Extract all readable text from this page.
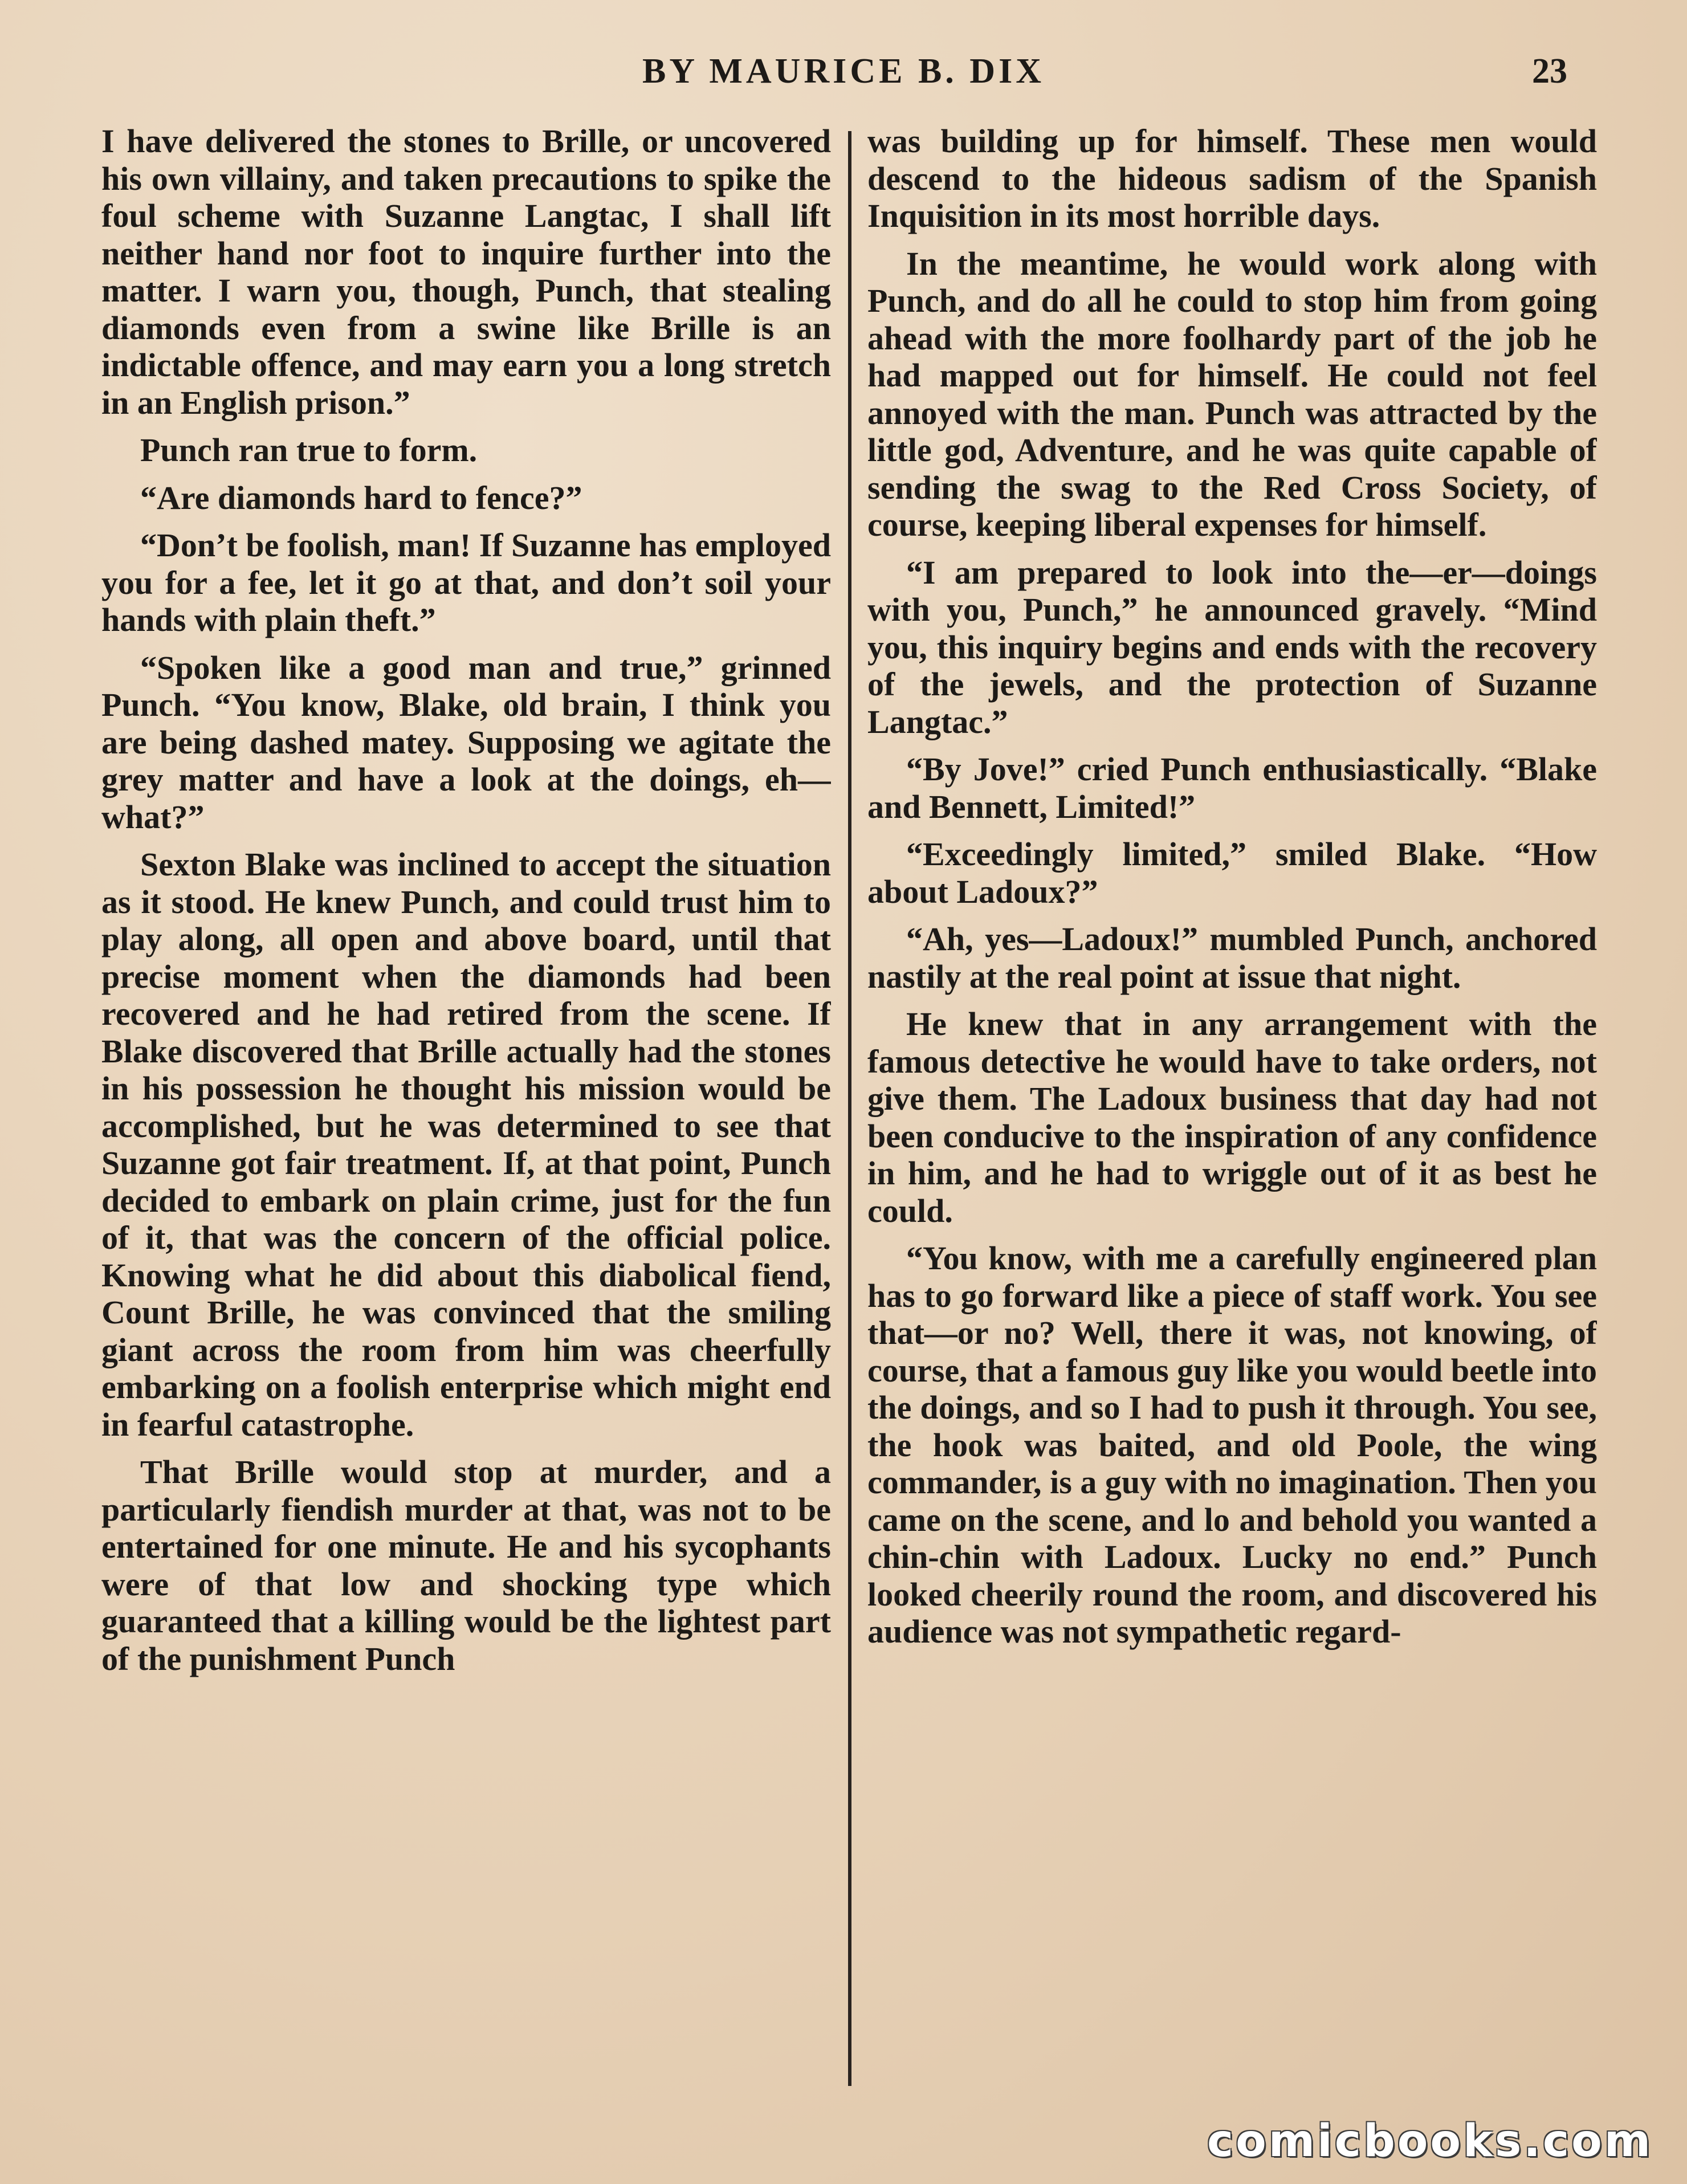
BY MAURICE B. DIX	23

I have delivered the stones to Brille, or uncovered his own villainy, and taken precautions to spike the foul scheme with Suzanne Langtac, I shall lift neither hand nor foot to inquire further into the matter. I warn you, though, Punch, that stealing diamonds even from a swine like Brille is an indictable offence, and may earn you a long stretch in an English prison.”

Punch ran true to form.

“Are diamonds hard to fence?”

“Don’t be foolish, man! If Suzanne has employed you for a fee, let it go at that, and don’t soil your hands with plain theft.”

“Spoken like a good man and true,” grinned Punch. “You know, Blake, old brain, I think you are being dashed matey. Supposing we agitate the grey matter and have a look at the doings, eh—what?”

Sexton Blake was inclined to accept the situation as it stood. He knew Punch, and could trust him to play along, all open and above board, until that precise moment when the diamonds had been recovered and he had retired from the scene. If Blake discovered that Brille actually had the stones in his possession he thought his mission would be accomplished, but he was determined to see that Suzanne got fair treatment. If, at that point, Punch decided to embark on plain crime, just for the fun of it, that was the concern of the official police. Knowing what he did about this diabolical fiend, Count Brille, he was convinced that the smiling giant across the room from him was cheerfully embarking on a foolish enterprise which might end in fearful catastrophe.

That Brille would stop at murder, and a particularly fiendish murder at that, was not to be entertained for one minute. He and his sycophants were of that low and shocking type which guaranteed that a killing would be the lightest part of the punishment Punch

was building up for himself. These men would descend to the hideous sadism of the Spanish Inquisition in its most horrible days.

In the meantime, he would work along with Punch, and do all he could to stop him from going ahead with the more foolhardy part of the job he had mapped out for himself. He could not feel annoyed with the man. Punch was attracted by the little god, Adventure, and he was quite capable of sending the swag to the Red Cross Society, of course, keeping liberal expenses for himself.

“I am prepared to look into the—er—doings with you, Punch,” he announced gravely. “Mind you, this inquiry begins and ends with the recovery of the jewels, and the protection of Suzanne Langtac.”

“By Jove!” cried Punch enthusiastically. “Blake and Bennett, Limited!”

“Exceedingly limited,” smiled Blake. “How about Ladoux?”

“Ah, yes—Ladoux!” mumbled Punch, anchored nastily at the real point at issue that night.

He knew that in any arrangement with the famous detective he would have to take orders, not give them. The Ladoux business that day had not been conducive to the inspiration of any confidence in him, and he had to wriggle out of it as best he could.

“You know, with me a carefully engineered plan has to go forward like a piece of staff work. You see that—or no? Well, there it was, not knowing, of course, that a famous guy like you would beetle into the doings, and so I had to push it through. You see, the hook was baited, and old Poole, the wing commander, is a guy with no imagination. Then you came on the scene, and lo and behold you wanted a chin-chin with Ladoux. Lucky no end.” Punch looked cheerily round the room, and discovered his audience was not sympathetic regard-

comicbooks.com
